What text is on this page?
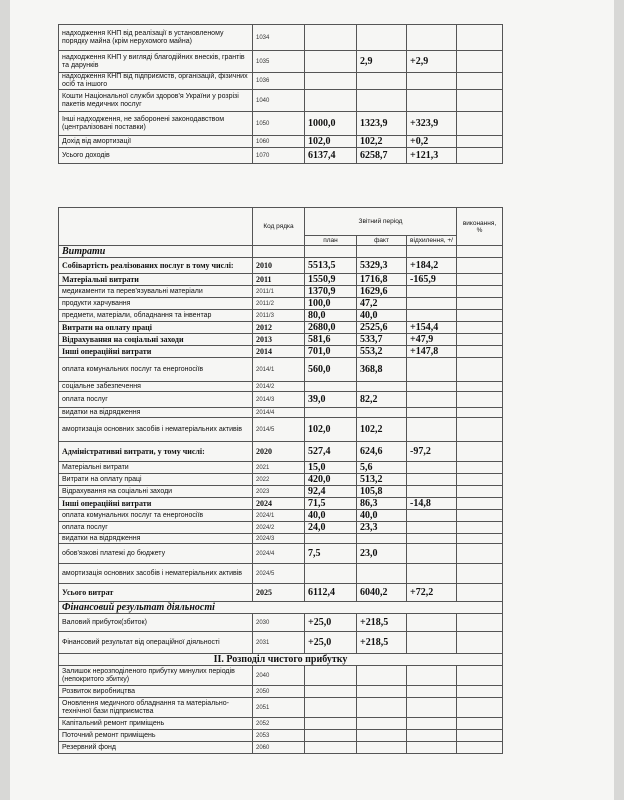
надходження КНП від реалізації в установленому порядку майна (крім нерухомого майна)	1034				
надходження КНП у вигляді благодійних внесків, грантів та дарунків	1035		2,9	+2,9	
надходження КНП від підприємств, організацій, фізичних осіб та іншого	1036				
Кошти Національної служби здоров'я України у розрізі пакетів медичних послуг	1040				
Інші надходження, не заборонені законодавством (централізовані поставки)	1050	1000,0	1323,9	+323,9	
Дохід від амортизації	1060	102,0	102,2	+0,2	
Усього доходів	1070	6137,4	6258,7	+121,3	
	Код рядка	Звітний період			виконання, %
		план	факт	відхилення, +/	
Витрати					
Собівартість реалізованих послуг в тому числі:	2010	5513,5	5329,3	+184,2	
Матеріальні витрати	2011	1550,9	1716,8	-165,9	
медикаменти та перев'язувальні матеріали	2011/1	1370,9	1629,6		
продукти харчування	2011/2	100,0	47,2		
предмети, матеріали, обладнання та інвентар	2011/3	80,0	40,0		
Витрати на оплату праці	2012	2680,0	2525,6	+154,4	
Відрахування на соціальні заходи	2013	581,6	533,7	+47,9	
Інші операційні витрати	2014	701,0	553,2	+147,8	
оплата комунальних послуг та енергоносіїв	2014/1	560,0	368,8		
соціальне забезпечення	2014/2				
оплата послуг	2014/3	39,0	82,2		
видатки на відрядження	2014/4				
амортизація основних засобів і нематеріальних активів	2014/5	102,0	102,2		
Адміністративні витрати, у тому числі:	2020	527,4	624,6	-97,2	
Матеріальні витрати	2021	15,0	5,6		
Витрати на оплату праці	2022	420,0	513,2		
Відрахування на соціальні заходи	2023	92,4	105,8		
Інші операційні витрати	2024	71,5	86,3	-14,8	
оплата комунальних послуг та енергоносіїв	2024/1	40,0	40,0		
оплата послуг	2024/2	24,0	23,3		
видатки на відрядження	2024/3				
обов'язкові платежі до бюджету	2024/4	7,5	23,0		
амортизація основних засобів і нематеріальних активів	2024/5				
Усього витрат	2025	6112,4	6040,2	+72,2	
Фінансовий результат діяльності					
Валовий прибуток(збиток)	2030	+25,0	+218,5		
Фінансовий результат від операційної діяльності	2031	+25,0	+218,5		
II. Розподіл чистого прибутку					
Залишок нерозподіленого прибутку минулих періодів (непокритого збитку)	2040				
Розвиток виробництва	2050				
Оновлення медичного обладнання та матеріально-технічної бази підприємства	2051				
Капітальний ремонт приміщень	2052				
Поточний ремонт приміщень	2053				
Резервний фонд	2060				
